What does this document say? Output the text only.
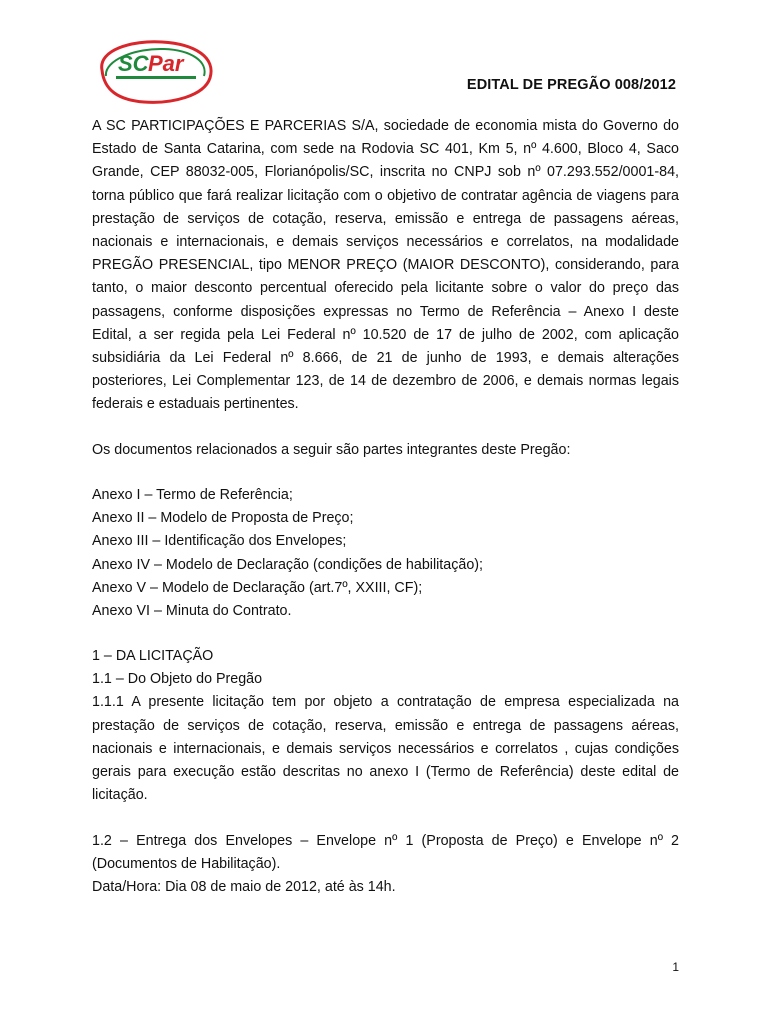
SC Par
EDITAL DE PREGÃO 008/2012
A SC PARTICIPAÇÕES E PARCERIAS S/A, sociedade de economia mista do Governo do Estado de Santa Catarina, com sede na Rodovia SC 401, Km 5, nº 4.600, Bloco 4, Saco Grande, CEP 88032-005, Florianópolis/SC, inscrita no CNPJ sob nº 07.293.552/0001-84, torna público que fará realizar licitação com o objetivo de contratar agência de viagens para prestação de serviços de cotação, reserva, emissão e entrega de passagens aéreas, nacionais e internacionais, e demais serviços necessários e correlatos, na modalidade PREGÃO PRESENCIAL, tipo MENOR PREÇO (MAIOR DESCONTO), considerando, para tanto, o maior desconto percentual oferecido pela licitante sobre o valor do preço das passagens, conforme disposições expressas no Termo de Referência – Anexo I deste Edital, a ser regida pela Lei Federal nº 10.520 de 17 de julho de 2002, com aplicação subsidiária da Lei Federal nº 8.666, de 21 de junho de 1993, e demais alterações posteriores, Lei Complementar 123, de 14 de dezembro de 2006, e demais normas legais federais e estaduais pertinentes.
Os documentos relacionados a seguir são partes integrantes deste Pregão:
Anexo I – Termo de Referência;
Anexo II – Modelo de Proposta de Preço;
Anexo III – Identificação dos Envelopes;
Anexo IV – Modelo de Declaração (condições de habilitação);
Anexo V – Modelo de Declaração (art.7º, XXIII, CF);
Anexo VI – Minuta do Contrato.
1 – DA LICITAÇÃO
1.1 – Do Objeto do Pregão
1.1.1 A presente licitação tem por objeto a contratação de empresa especializada na prestação de serviços de cotação, reserva, emissão e entrega de passagens aéreas, nacionais e internacionais, e demais serviços necessários e correlatos , cujas condições gerais para execução estão descritas no anexo I (Termo de Referência) deste edital de licitação.
1.2 – Entrega dos Envelopes – Envelope nº 1 (Proposta de Preço) e Envelope nº 2 (Documentos de Habilitação).
Data/Hora: Dia 08 de maio de 2012, até às 14h.
1
